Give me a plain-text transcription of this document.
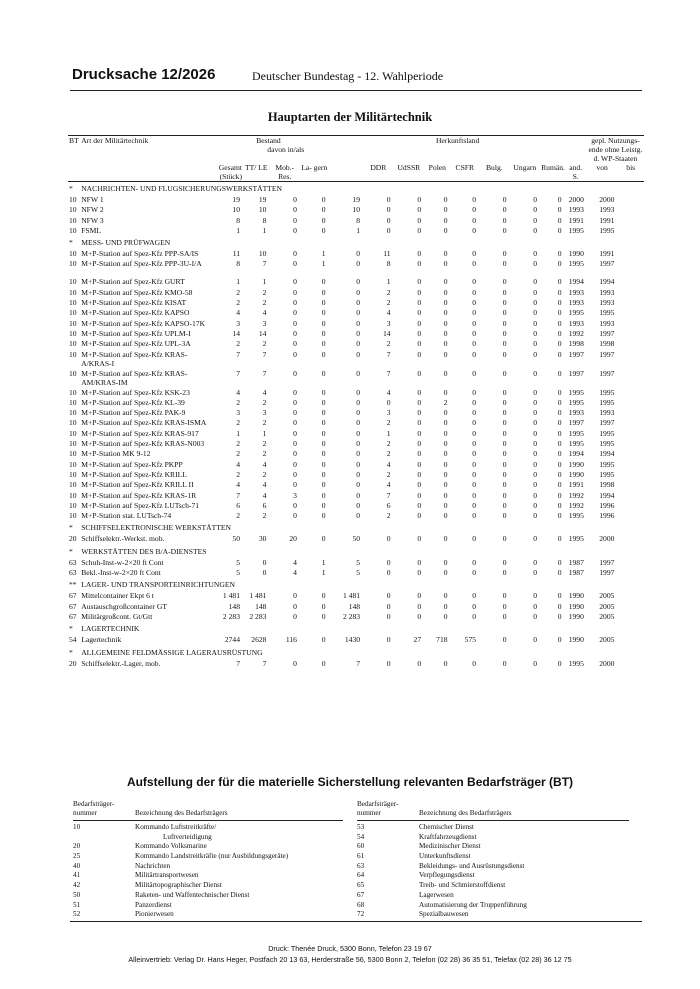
Drucksache 12/2026	Deutscher Bundestag - 12. Wahlperiode
Hauptarten der Militärtechnik
BT	Art der Militärtechnik	Bestand				Herkunftsland									gepl. Nutzungs- ende ohne Leistg. d. WP-Staaten	
		Gesamt (Stück)	davon in/als													
			TT/ LE	Mob.- Res.	La- gern		DDR	UdSSR	Polen	CSFR	Bulg.	Ungarn	Rumän.	and. S.	von	bis
*	NACHRICHTEN- UND FLUGSICHERUNGSWERKSTÄTTEN															
10	NFW 1	19	19	0	0	19	0	0	0	0	0	0	0	2000	2000	
10	NFW 2	10	10	0	0	10	0	0	0	0	0	0	0	1993	1993	
10	NFW 3	8	8	0	0	8	0	0	0	0	0	0	0	1991	1991	
10	FSML	1	1	0	0	1	0	0	0	0	0	0	0	1995	1995	
*	MESS- UND PRÜFWAGEN															
10	M+P-Station auf Spez-Kfz PPP-SA/IS	11	10	0	1	0	11	0	0	0	0	0	0	1990	1991	
10	M+P-Station auf Spez-Kfz PPP-3U-I/A	8	7	0	1	0	8	0	0	0	0	0	0	1995	1997	
10	M+P-Station auf Spez-Kfz GURT	1	1	0	0	0	1	0	0	0	0	0	0	1994	1994	
10	M+P-Station auf Spez-Kfz KMO-58	2	2	0	0	0	2	0	0	0	0	0	0	1993	1993	
10	M+P-Station auf Spez-Kfz KISAT	2	2	0	0	0	2	0	0	0	0	0	0	1993	1993	
10	M+P-Station auf Spez-Kfz KAPSO	4	4	0	0	0	4	0	0	0	0	0	0	1995	1995	
10	M+P-Station auf Spez-Kfz KAPSO-17K	3	3	0	0	0	3	0	0	0	0	0	0	1993	1993	
10	M+P-Station auf Spez-Kfz UPLM-I	14	14	0	0	0	14	0	0	0	0	0	0	1992	1997	
10	M+P-Station auf Spez-Kfz UPL-3A	2	2	0	0	0	2	0	0	0	0	0	0	1998	1998	
10	M+P-Station auf Spez-Kfz KRAS-A/KRAS-I	7	7	0	0	0	7	0	0	0	0	0	0	1997	1997	
10	M+P-Station auf Spez-Kfz KRAS-AM/KRAS-IM	7	7	0	0	0	7	0	0	0	0	0	0	1997	1997	
10	M+P-Station auf Spez-Kfz KSK-23	4	4	0	0	0	4	0	0	0	0	0	0	1995	1995	
10	M+P-Station auf Spez-Kfz KL-39	2	2	0	0	0	0	0	2	0	0	0	0	1995	1995	
10	M+P-Station auf Spez-Kfz PAK-9	3	3	0	0	0	3	0	0	0	0	0	0	1993	1993	
10	M+P-Station auf Spez-Kfz KRAS-ISMA	2	2	0	0	0	2	0	0	0	0	0	0	1997	1997	
10	M+P-Station auf Spez-Kfz KRAS-917	1	1	0	0	0	1	0	0	0	0	0	0	1995	1995	
10	M+P-Station auf Spez-Kfz KRAS-N003	2	2	0	0	0	2	0	0	0	0	0	0	1995	1995	
10	M+P-Station MK 9-12	2	2	0	0	0	2	0	0	0	0	0	0	1994	1994	
10	M+P-Station auf Spez-Kfz PKPP	4	4	0	0	0	4	0	0	0	0	0	0	1990	1995	
10	M+P-Station auf Spez-Kfz KRILL	2	2	0	0	0	2	0	0	0	0	0	0	1990	1995	
10	M+P-Station auf Spez-Kfz KRILL II	4	4	0	0	0	4	0	0	0	0	0	0	1991	1998	
10	M+P-Station auf Spez-Kfz KRAS-1R	7	4	3	0	0	7	0	0	0	0	0	0	1992	1994	
10	M+P-Station auf Spez-Kfz LUTsch-71	6	6	0	0	0	6	0	0	0	0	0	0	1992	1996	
10	M+P-Station stat. LUTsch-74	2	2	0	0	0	2	0	0	0	0	0	0	1995	1996	
*	SCHIFFSELEKTRONISCHE WERKSTÄTTEN															
20	Schiffselektr.-Werkst. mob.	50	30	20	0	50	0	0	0	0	0	0	0	1995	2000	
*	WERKSTÄTTEN DES B/A-DIENSTES															
63	Schuh-Inst-w-2×20 ft Cont	5	0	4	1	5	0	0	0	0	0	0	0	1987	1997	
63	Bekl.-Inst-w-2×20 ft Cont	5	0	4	1	5	0	0	0	0	0	0	0	1987	1997	
**	LAGER- UND TRANSPORTEINRICHTUNGEN															
67	Mittelcontainer Ekpt 6 t	1 481	1 481	0	0	1 481	0	0	0	0	0	0	0	1990	2005	
67	Austauschgroßcontainer GT	148	148	0	0	148	0	0	0	0	0	0	0	1990	2005	
67	Militärgroßcont. Gt/Gtt	2 283	2 283	0	0	2 283	0	0	0	0	0	0	0	1990	2005	
*	LAGERTECHNIK															
54	Lagertechnik	2744	2628	116	0	1430	0	27	718	575	0	0	0	1990	2005	
*	ALLGEMEINE FELDMÄSSIGE LAGERAUSRÜSTUNG															
20	Schiffselektr.-Lager, mob.	7	7	0	0	7	0	0	0	0	0	0	0	1995	2000	
Aufstellung der für die materielle Sicherstellung relevanten Bedarfsträger (BT)
Bedarfsträger- nummer	Bezeichnung des Bedarfsträgers
10	Kommando Luftstreitkräfte/
Luftverteidigung
20	Kommando Volksmarine
25	Kommando Landstreitkräfte (nur Ausbildungsgeräte)
40	Nachrichten
41	Militärtransportwesen
42	Militärtopographischer Dienst
50	Raketen- und Waffentechnischer Dienst
51	Panzerdienst
52	Pionierwesen
Bedarfsträger- nummer	Bezeichnung des Bedarfsträgers
53	Chemischer Dienst
54	Kraftfahrzeugdienst
60	Medizinischer Dienst
61	Unterkunftsdienst
63	Bekleidungs- und Ausrüstungsdienst
64	Verpflegungsdienst
65	Treib- und Schmierstoffdienst
67	Lagerwesen
68	Automatisierung der Truppenführung
72	Spezialbauwesen
Druck: Thenée Druck, 5300 Bonn, Telefon 23 19 67
Alleinvertrieb: Verlag Dr. Hans Heger, Postfach 20 13 63, Herderstraße 56, 5300 Bonn 2, Telefon (02 28) 36 35 51, Telefax (02 28) 36 12 75
